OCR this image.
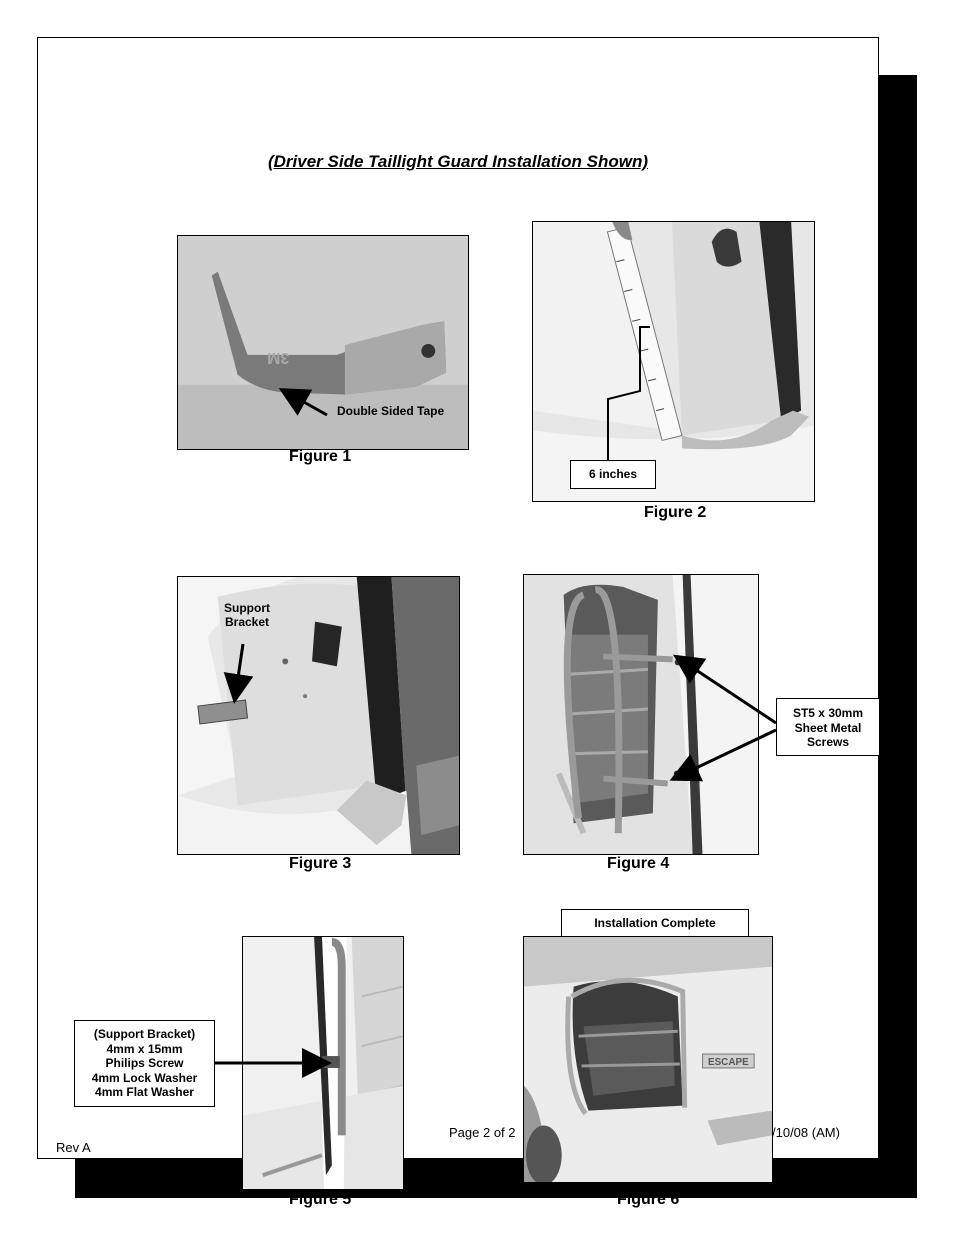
(Driver Side Taillight Guard Installation Shown)
3M
Figure 1
Double Sided Tape
6 inches
Figure 2
Support
Bracket
Figure 3
ST5 x 30mm
Sheet Metal
Screws
Figure 4
(Support Bracket)
4mm x 15mm
Philips Screw
4mm Lock Washer
4mm Flat Washer
Figure 5
Rev A
Page 2 of 2	/10/08 (AM)
Installation Complete
ESCAPE
Figure 6
